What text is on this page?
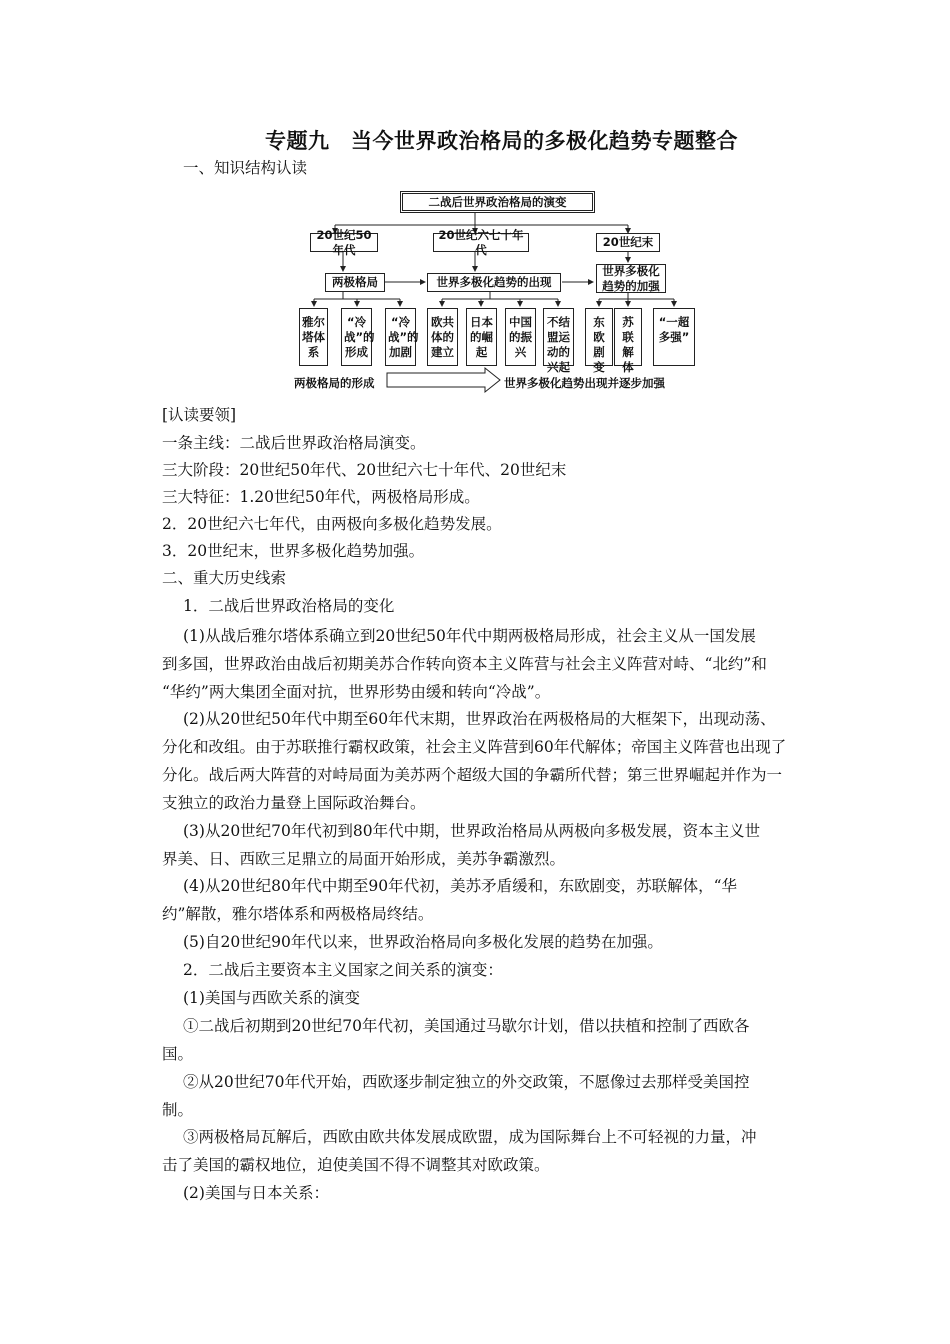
专题九　当今世界政治格局的多极化趋势专题整合
一、知识结构认读
二战后世界政治格局的演变
20世纪50年代
20世纪六七十年代
20世纪末
两极格局	世界多极化趋势的出现
世界多极化趋势的加强
雅尔塔体系
“冷战”的形成
“冷战”的加剧
欧共体的建立
日本的崛起
中国的振兴
不结盟运动的兴起
东欧剧变
苏联解体
“一超多强”
两极格局的形成	世界多极化趋势出现并逐步加强
[认读要领]
一条主线：二战后世界政治格局演变。
三大阶段：20世纪50年代、20世纪六七十年代、20世纪末
三大特征：1.20世纪50年代，两极格局形成。
2．20世纪六七年代，由两极向多极化趋势发展。
3．20世纪末，世界多极化趋势加强。
二、重大历史线索
1．二战后世界政治格局的变化
(1)从战后雅尔塔体系确立到20世纪50年代中期两极格局形成，社会主义从一国发展
到多国，世界政治由战后初期美苏合作转向资本主义阵营与社会主义阵营对峙、“北约”和
“华约”两大集团全面对抗，世界形势由缓和转向“冷战”。
(2)从20世纪50年代中期至60年代末期，世界政治在两极格局的大框架下，出现动荡、
分化和改组。由于苏联推行霸权政策，社会主义阵营到60年代解体；帝国主义阵营也出现了
分化。战后两大阵营的对峙局面为美苏两个超级大国的争霸所代替；第三世界崛起并作为一
支独立的政治力量登上国际政治舞台。
(3)从20世纪70年代初到80年代中期，世界政治格局从两极向多极发展，资本主义世
界美、日、西欧三足鼎立的局面开始形成，美苏争霸激烈。
(4)从20世纪80年代中期至90年代初，美苏矛盾缓和，东欧剧变，苏联解体，“华
约”解散，雅尔塔体系和两极格局终结。
(5)自20世纪90年代以来，世界政治格局向多极化发展的趋势在加强。
2．二战后主要资本主义国家之间关系的演变：
(1)美国与西欧关系的演变
①二战后初期到20世纪70年代初，美国通过马歇尔计划，借以扶植和控制了西欧各
国。
②从20世纪70年代开始，西欧逐步制定独立的外交政策，不愿像过去那样受美国控
制。
③两极格局瓦解后，西欧由欧共体发展成欧盟，成为国际舞台上不可轻视的力量，冲
击了美国的霸权地位，迫使美国不得不调整其对欧政策。
(2)美国与日本关系：
